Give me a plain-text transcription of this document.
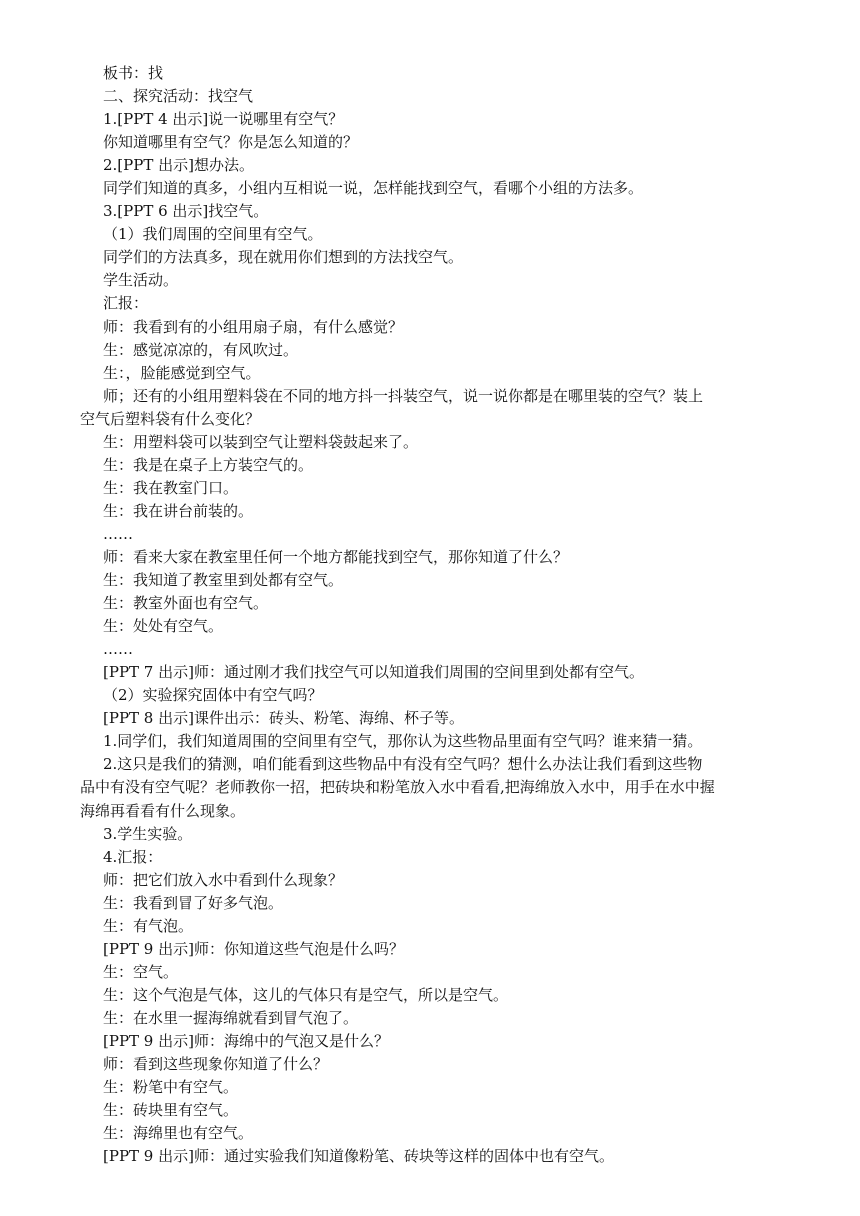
板书：找

二、探究活动：找空气

1.[PPT 4 出示]说一说哪里有空气？

你知道哪里有空气？你是怎么知道的？

2.[PPT 出示]想办法。

同学们知道的真多，小组内互相说一说，怎样能找到空气，看哪个小组的方法多。

3.[PPT 6 出示]找空气。

（1）我们周围的空间里有空气。

同学们的方法真多，现在就用你们想到的方法找空气。

学生活动。

汇报：

师：我看到有的小组用扇子扇，有什么感觉？

生：感觉凉凉的，有风吹过。

生：，脸能感觉到空气。

师；还有的小组用塑料袋在不同的地方抖一抖装空气，说一说你都是在哪里装的空气？装上

空气后塑料袋有什么变化？

生：用塑料袋可以装到空气让塑料袋鼓起来了。

生：我是在桌子上方装空气的。

生：我在教室门口。

生：我在讲台前装的。

……

师：看来大家在教室里任何一个地方都能找到空气，那你知道了什么？

生：我知道了教室里到处都有空气。

生：教室外面也有空气。

生：处处有空气。

……

[PPT 7 出示]师：通过刚才我们找空气可以知道我们周围的空间里到处都有空气。

（2）实验探究固体中有空气吗？

[PPT 8 出示]课件出示：砖头、粉笔、海绵、杯子等。

1.同学们，我们知道周围的空间里有空气，那你认为这些物品里面有空气吗？谁来猜一猜。

2.这只是我们的猜测，咱们能看到这些物品中有没有空气吗？想什么办法让我们看到这些物

品中有没有空气呢？老师教你一招，把砖块和粉笔放入水中看看,把海绵放入水中，用手在水中握

海绵再看看有什么现象。

3.学生实验。

4.汇报：

师：把它们放入水中看到什么现象？

生：我看到冒了好多气泡。

生：有气泡。

[PPT 9 出示]师：你知道这些气泡是什么吗？

生：空气。

生：这个气泡是气体，这儿的气体只有是空气，所以是空气。

生：在水里一握海绵就看到冒气泡了。

[PPT 9 出示]师：海绵中的气泡又是什么？

师：看到这些现象你知道了什么？

生：粉笔中有空气。

生：砖块里有空气。

生：海绵里也有空气。

[PPT 9 出示]师：通过实验我们知道像粉笔、砖块等这样的固体中也有空气。
